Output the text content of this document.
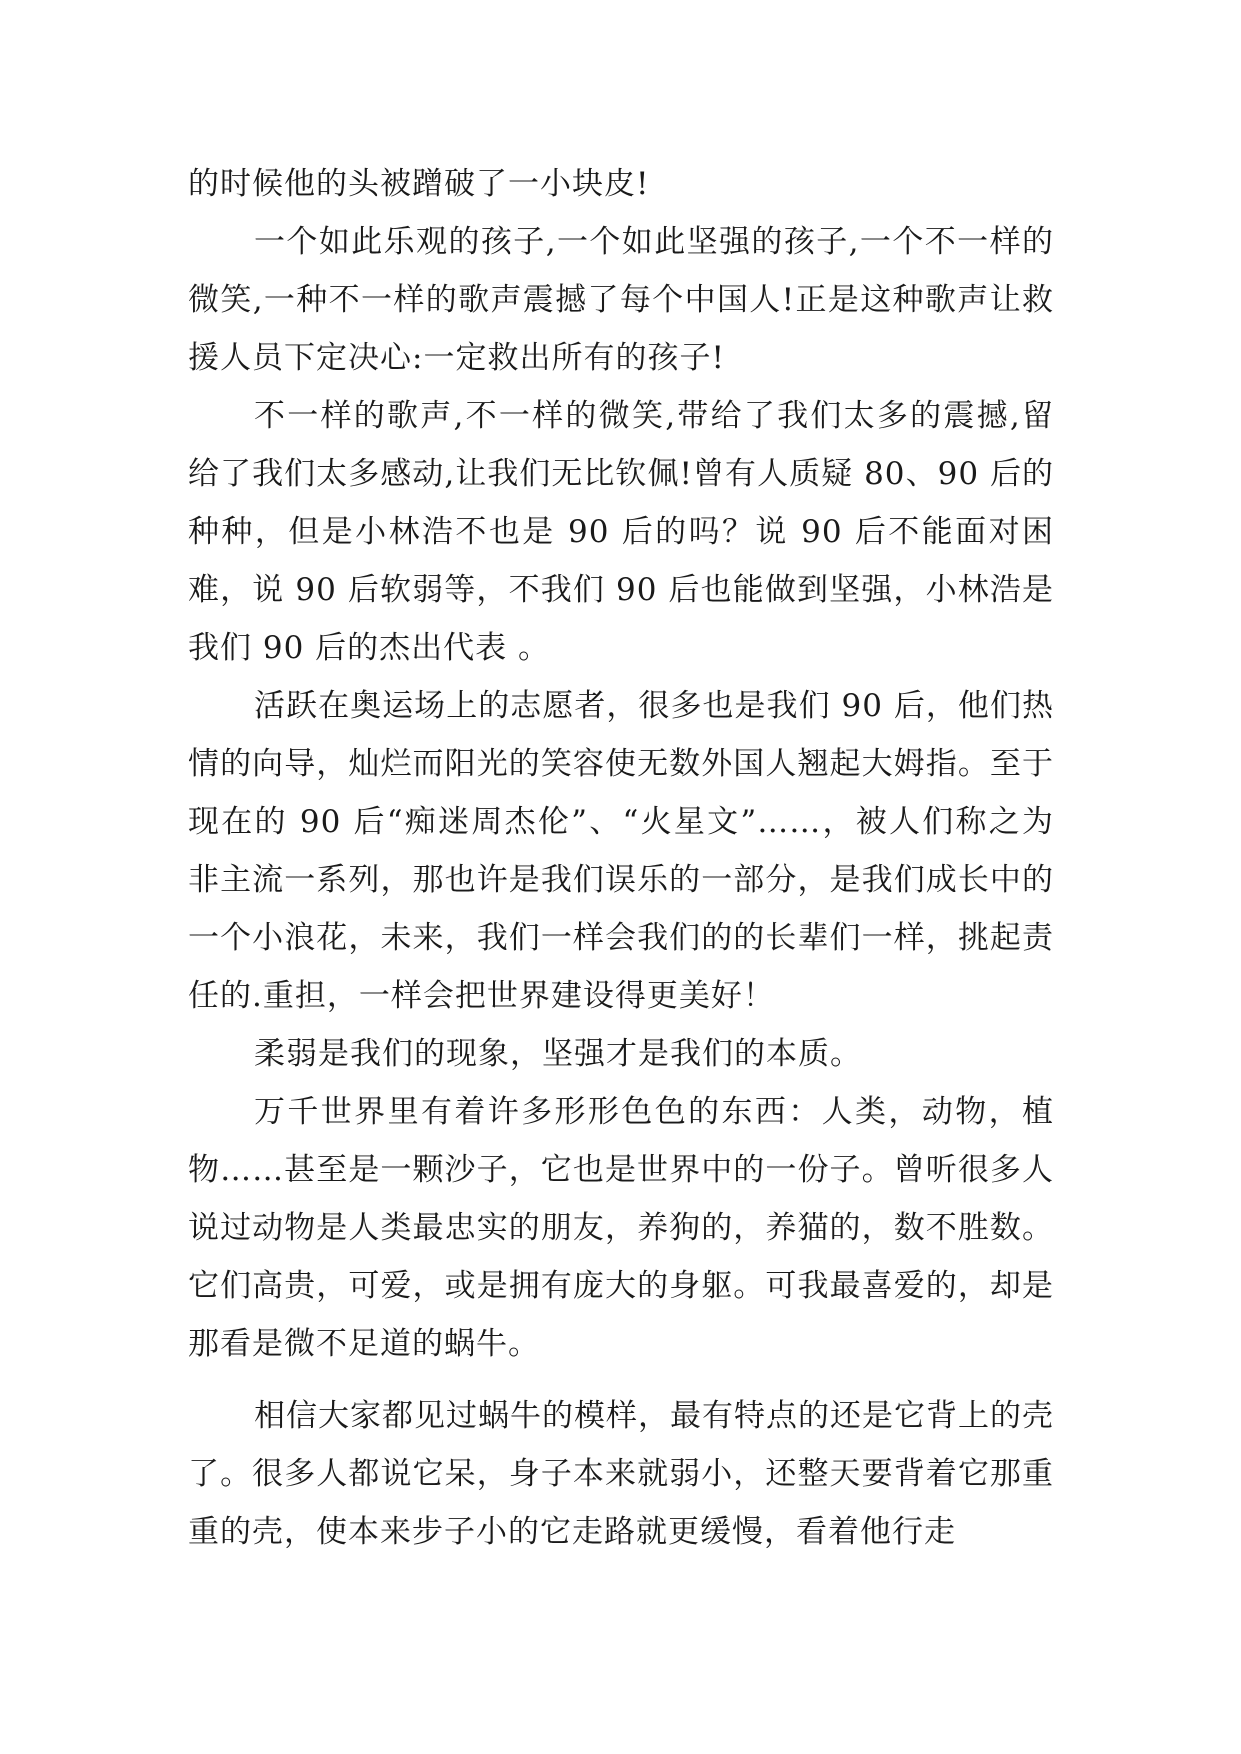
的时候他的头被蹭破了一小块皮!

一个如此乐观的孩子,一个如此坚强的孩子,一个不一样的微笑,一种不一样的歌声震撼了每个中国人!正是这种歌声让救援人员下定决心:一定救出所有的孩子!

不一样的歌声,不一样的微笑,带给了我们太多的震撼,留给了我们太多感动,让我们无比钦佩!曾有人质疑 80、90 后的种种，但是小林浩不也是 90 后的吗？说 90 后不能面对困难，说 90 后软弱等，不我们 90 后也能做到坚强，小林浩是我们 90 后的杰出代表 。

活跃在奥运场上的志愿者，很多也是我们 90 后，他们热情的向导，灿烂而阳光的笑容使无数外国人翘起大姆指。至于现在的 90 后“痴迷周杰伦”、“火星文”……，被人们称之为非主流一系列，那也许是我们误乐的一部分，是我们成长中的一个小浪花，未来，我们一样会我们的的长辈们一样，挑起责任的.重担，一样会把世界建设得更美好！

柔弱是我们的现象，坚强才是我们的本质。

万千世界里有着许多形形色色的东西：人类，动物，植物……甚至是一颗沙子，它也是世界中的一份子。曾听很多人说过动物是人类最忠实的朋友，养狗的，养猫的，数不胜数。它们高贵，可爱，或是拥有庞大的身躯。可我最喜爱的，却是那看是微不足道的蜗牛。

相信大家都见过蜗牛的模样，最有特点的还是它背上的壳了。很多人都说它呆，身子本来就弱小，还整天要背着它那重重的壳，使本来步子小的它走路就更缓慢，看着他行走
